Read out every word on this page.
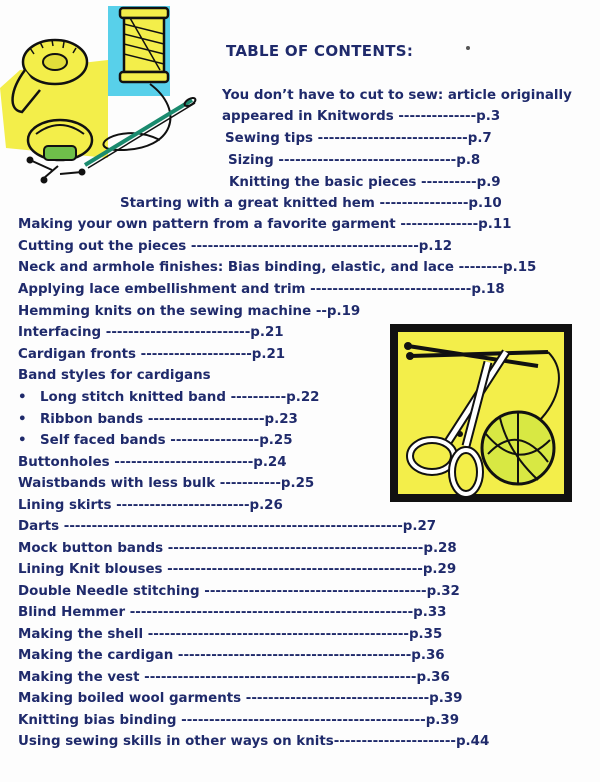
TABLE OF CONTENTS:
You don’t have to cut to sew: article originally
appeared in Knitwords --------------p.3
Sewing tips ---------------------------p.7
Sizing --------------------------------p.8
Knitting the basic pieces ----------p.9
Starting with a great knitted hem ----------------p.10
Making your own pattern from a favorite garment --------------p.11
Cutting out the pieces -----------------------------------------p.12
Neck and armhole finishes: Bias binding, elastic, and lace --------p.15
Applying lace embellishment and trim -----------------------------p.18
Hemming knits on the sewing machine --p.19
Interfacing --------------------------p.21
Cardigan fronts --------------------p.21
Band styles for cardigans
• Long stitch knitted band ----------p.22
• Ribbon bands ---------------------p.23
• Self faced bands ----------------p.25
Buttonholes -------------------------p.24
Waistbands with less bulk -----------p.25
Lining skirts ------------------------p.26
Darts -------------------------------------------------------------p.27
Mock button bands ----------------------------------------------p.28
Lining Knit blouses ----------------------------------------------p.29
Double Needle stitching ----------------------------------------p.32
Blind Hemmer ---------------------------------------------------p.33
Making the shell -----------------------------------------------p.35
Making the cardigan ------------------------------------------p.36
Making the vest -------------------------------------------------p.36
Making boiled wool garments ---------------------------------p.39
Knitting bias binding --------------------------------------------p.39
Using sewing skills in other ways on knits----------------------p.44
